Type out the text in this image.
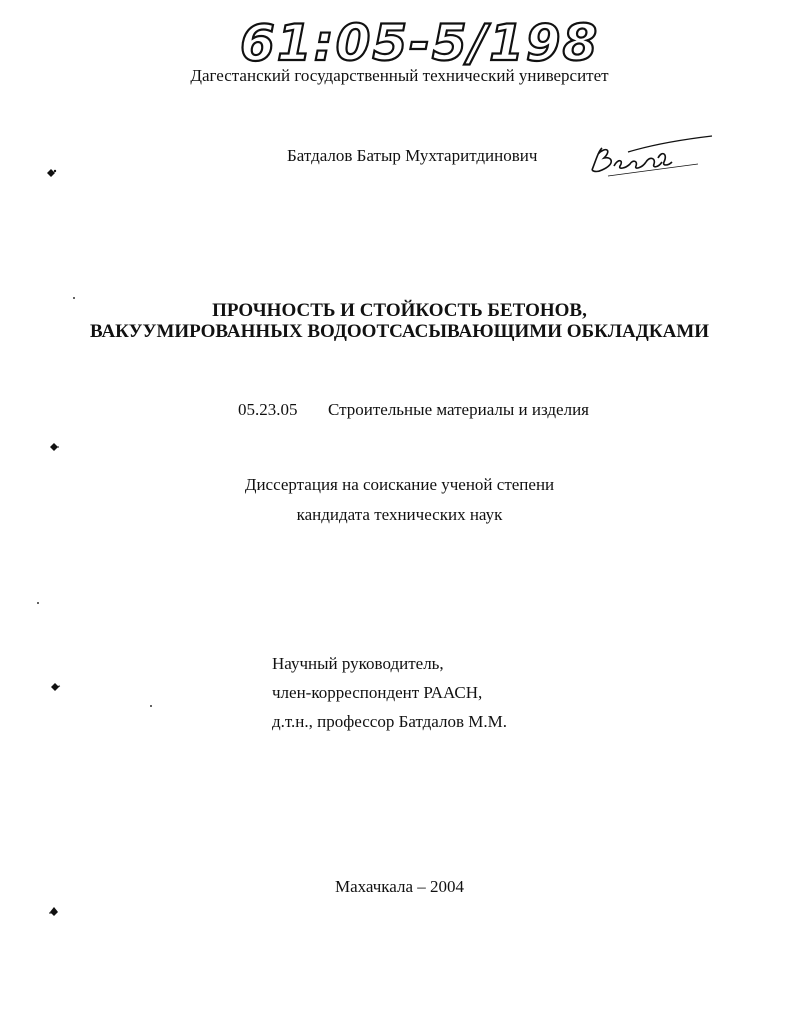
61:05-5/198
Дагестанский государственный технический университет
Батдалов Батыр Мухтаритдинович
ПРОЧНОСТЬ И СТОЙКОСТЬ БЕТОНОВ,
ВАКУУМИРОВАННЫХ ВОДООТСАСЫВАЮЩИМИ ОБКЛАДКАМИ
05.23.05 Строительные материалы и изделия
Диссертация на соискание ученой степени
кандидата технических наук
Научный руководитель,
член-корреспондент РААСН,
д.т.н., профессор Батдалов М.М.
Махачкала – 2004
